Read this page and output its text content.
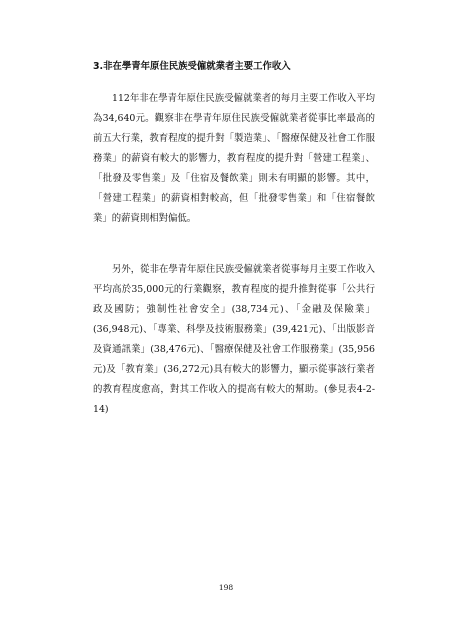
3.非在學青年原住民族受僱就業者主要工作收入

112年非在學青年原住民族受僱就業者的每月主要工作收入平均為34,640元。觀察非在學青年原住民族受僱就業者從事比率最高的前五大行業，教育程度的提升對「製造業」、「醫療保健及社會工作服務業」的薪資有較大的影響力，教育程度的提升對「營建工程業」、「批發及零售業」及「住宿及餐飲業」則未有明顯的影響。其中，「營建工程業」的薪資相對較高，但「批發零售業」和「住宿餐飲業」的薪資則相對偏低。

另外，從非在學青年原住民族受僱就業者從事每月主要工作收入平均高於35,000元的行業觀察，教育程度的提升推對從事「公共行政及國防；強制性社會安全」(38,734元)、「金融及保險業」(36,948元)、「專業、科學及技術服務業」(39,421元)、「出版影音及資通訊業」(38,476元)、「醫療保健及社會工作服務業」(35,956元)及「教育業」(36,272元)具有較大的影響力，顯示從事該行業者的教育程度愈高，對其工作收入的提高有較大的幫助。(參見表4-2-14)

198
